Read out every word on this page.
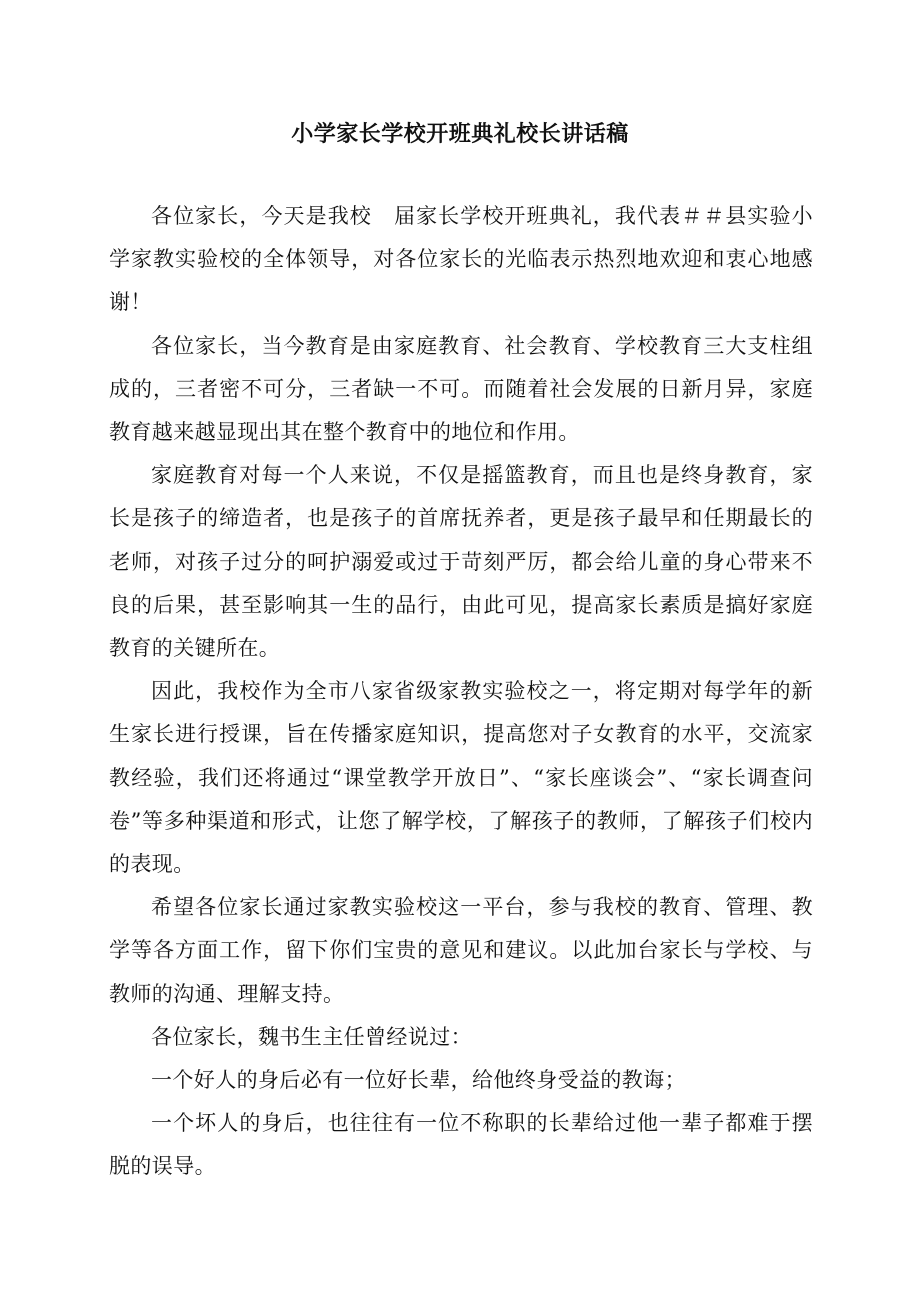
小学家长学校开班典礼校长讲话稿

各位家长，今天是我校　届家长学校开班典礼，我代表＃＃县实验小学家教实验校的全体领导，对各位家长的光临表示热烈地欢迎和衷心地感谢！

各位家长，当今教育是由家庭教育、社会教育、学校教育三大支柱组成的，三者密不可分，三者缺一不可。而随着社会发展的日新月异，家庭教育越来越显现出其在整个教育中的地位和作用。

家庭教育对每一个人来说，不仅是摇篮教育，而且也是终身教育，家长是孩子的缔造者，也是孩子的首席抚养者，更是孩子最早和任期最长的老师，对孩子过分的呵护溺爱或过于苛刻严厉，都会给儿童的身心带来不良的后果，甚至影响其一生的品行，由此可见，提高家长素质是搞好家庭教育的关键所在。

因此，我校作为全市八家省级家教实验校之一，将定期对每学年的新生家长进行授课，旨在传播家庭知识，提高您对子女教育的水平，交流家教经验，我们还将通过“课堂教学开放日”、“家长座谈会”、“家长调查问卷”等多种渠道和形式，让您了解学校，了解孩子的教师，了解孩子们校内的表现。

希望各位家长通过家教实验校这一平台，参与我校的教育、管理、教学等各方面工作，留下你们宝贵的意见和建议。以此加台家长与学校、与教师的沟通、理解支持。

各位家长，魏书生主任曾经说过：

一个好人的身后必有一位好长辈，给他终身受益的教诲；

一个坏人的身后，也往往有一位不称职的长辈给过他一辈子都难于摆脱的误导。
